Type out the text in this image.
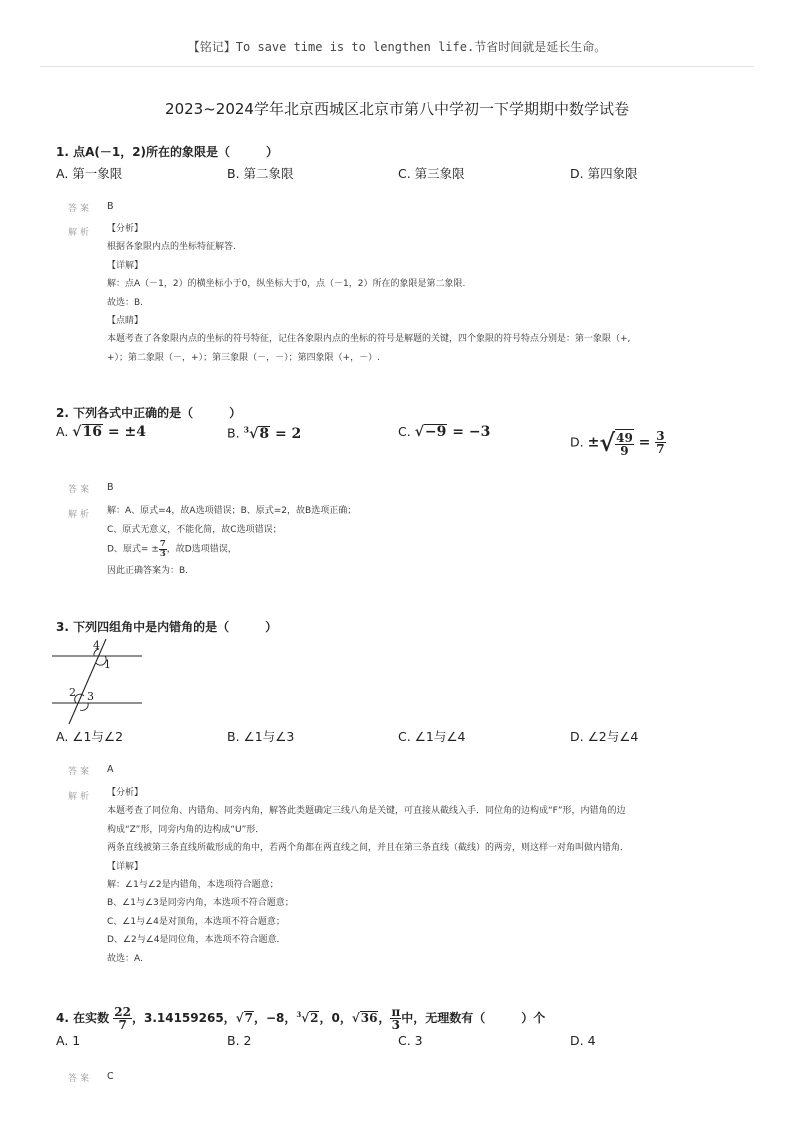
【铭记】To save time is to lengthen life.节省时间就是延长生命。
2023~2024学年北京西城区北京市第八中学初一下学期期中数学试卷
1. 点A(－1，2)所在的象限是（　　　）
A. 第一象限	B. 第二象限	C. 第三象限	D. 第四象限
答案 B
解析 【分析】
根据各象限内点的坐标特征解答.
【详解】
解：点A（－1，2）的横坐标小于0，纵坐标大于0，点（－1，2）所在的象限是第二象限.
故选：B.
【点睛】
本题考查了各象限内点的坐标的符号特征，记住各象限内点的坐标的符号是解题的关键，四个象限的符号特点分别是：第一象限（+,
+）；第二象限（－，+）；第三象限（－，－）；第四象限（+，－）.
2. 下列各式中正确的是（　　　）
A. √16 = ±4	B. $^3$√8 = 2	C. √−9 = −3
D. ±√ $\frac{49}{9} = \frac{3}{7}$
答案 B
解析 解：A、原式=4，故A选项错误；B、原式=2，故B选项正确；
C、原式无意义，不能化简，故C选项错误；
D、原式= ± $\frac{7}{3}$ ，故D选项错误，
因此正确答案为：B.
3. 下列四组角中是内错角的是（　　　）
4
1
2 3
A. ∠1与∠2	B. ∠1与∠3	C. ∠1与∠4	D. ∠2与∠4
答案 A
解析 【分析】
本题考查了同位角、内错角、同旁内角，解答此类题确定三线八角是关键，可直接从截线入手．同位角的边构成“F”形，内错角的边
构成“Z”形，同旁内角的边构成“U”形．
两条直线被第三条直线所截形成的角中，若两个角都在两直线之间，并且在第三条直线（截线）的两旁，则这样一对角叫做内错角．
【详解】
解：∠1与∠2是内错角，本选项符合题意；
B、∠1与∠3是同旁内角，本选项不符合题意；
C、∠1与∠4是对顶角，本选项不符合题意；
D、∠2与∠4是同位角，本选项不符合题意．
故选：A.
4. 在实数 $\frac{22}{7}$ ，3.14159265，√7，−8，$^3$√2，0，√36， $\frac{\pi}{3}$ 中，无理数有（　　　）个
A. 1	B. 2	C. 3	D. 4
答案 C
